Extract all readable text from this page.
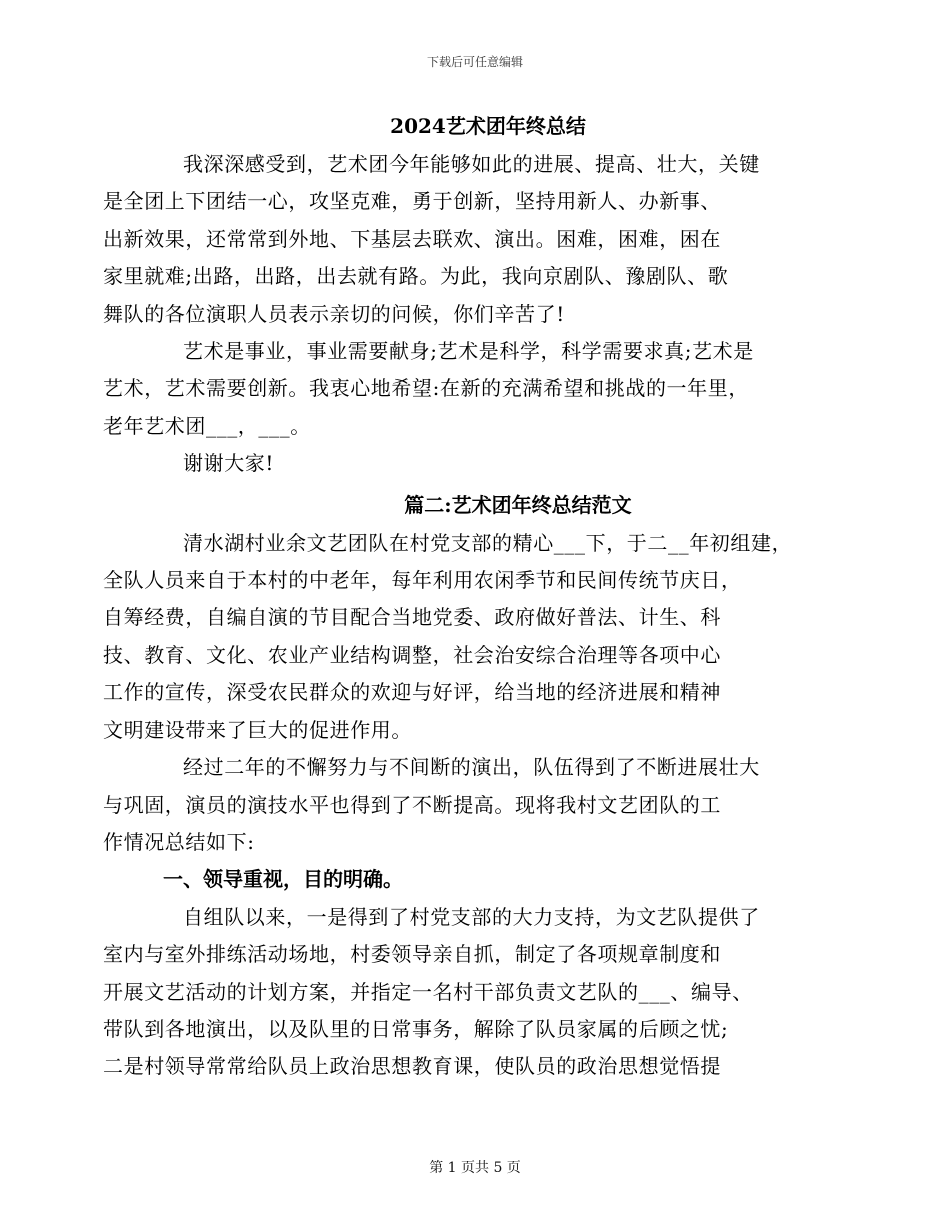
下载后可任意编辑
2024艺术团年终总结

我深深感受到，艺术团今年能够如此的进展、提高、壮大，关键
是全团上下团结一心，攻坚克难，勇于创新，坚持用新人、办新事、
出新效果，还常常到外地、下基层去联欢、演出。困难，困难，困在
家里就难;出路，出路，出去就有路。为此，我向京剧队、豫剧队、歌
舞队的各位演职人员表示亲切的问候，你们辛苦了!

艺术是事业，事业需要献身;艺术是科学，科学需要求真;艺术是
艺术，艺术需要创新。我衷心地希望:在新的充满希望和挑战的一年里，
老年艺术团___，___。

谢谢大家!

篇二:艺术团年终总结范文

清水湖村业余文艺团队在村党支部的精心___下，于二__年初组建，
全队人员来自于本村的中老年，每年利用农闲季节和民间传统节庆日，
自筹经费，自编自演的节目配合当地党委、政府做好普法、计生、科
技、教育、文化、农业产业结构调整，社会治安综合治理等各项中心
工作的宣传，深受农民群众的欢迎与好评，给当地的经济进展和精神
文明建设带来了巨大的促进作用。

经过二年的不懈努力与不间断的演出，队伍得到了不断进展壮大
与巩固，演员的演技水平也得到了不断提高。现将我村文艺团队的工
作情况总结如下:

一、领导重视，目的明确。

自组队以来，一是得到了村党支部的大力支持，为文艺队提供了
室内与室外排练活动场地，村委领导亲自抓，制定了各项规章制度和
开展文艺活动的计划方案，并指定一名村干部负责文艺队的___、编导、
带队到各地演出，以及队里的日常事务，解除了队员家属的后顾之忧;
二是村领导常常给队员上政治思想教育课，使队员的政治思想觉悟提

第 1 页共 5 页
